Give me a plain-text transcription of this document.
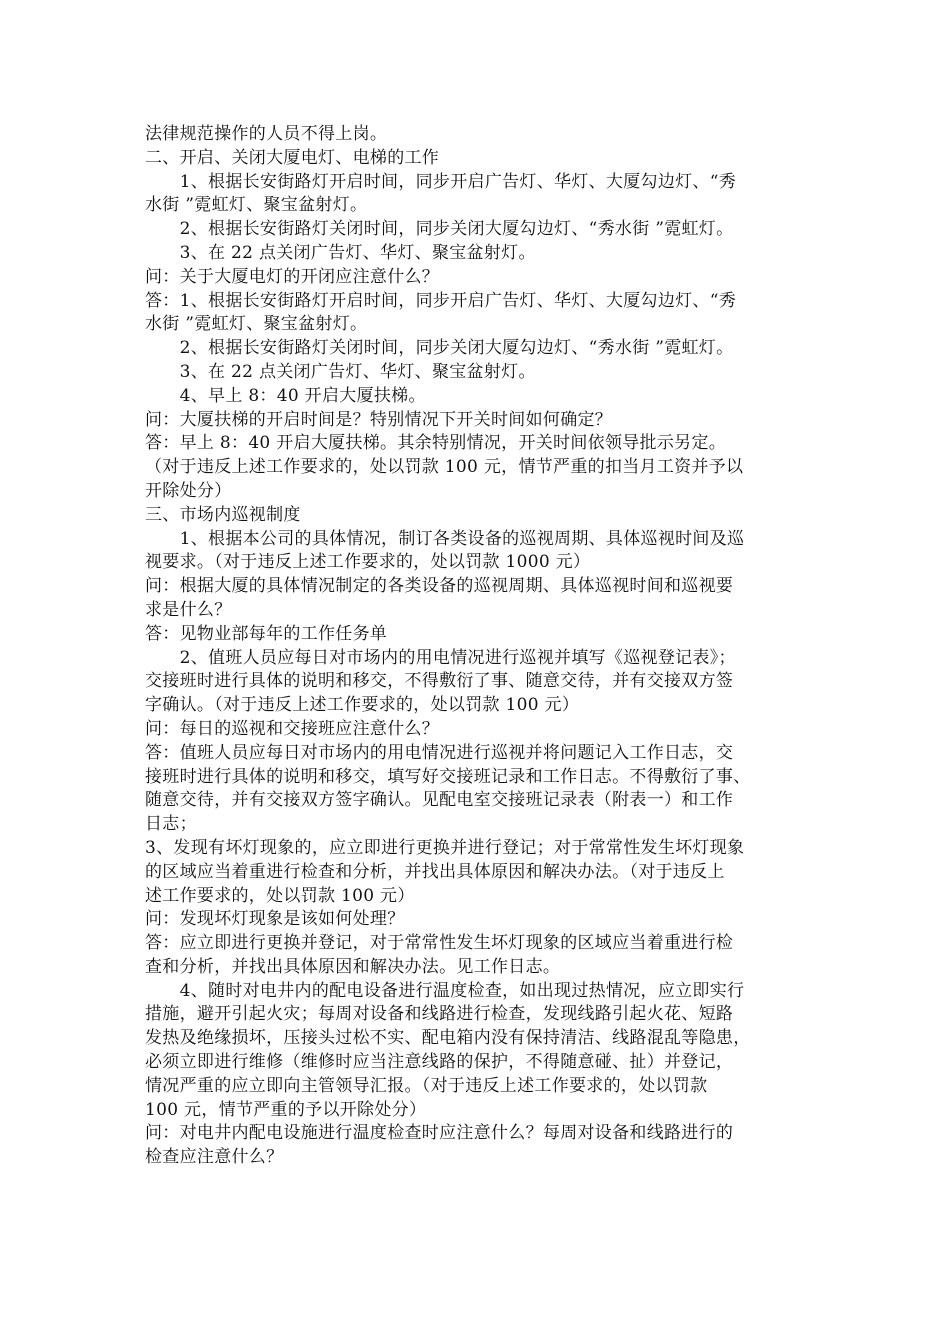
法律规范操作的人员不得上岗。
二、开启、关闭大厦电灯、电梯的工作
　　1、根据长安街路灯开启时间，同步开启广告灯、华灯、大厦勾边灯、“秀
水街 ”霓虹灯、聚宝盆射灯。
　　2、根据长安街路灯关闭时间，同步关闭大厦勾边灯、“秀水街 ”霓虹灯。
　　3、在 22 点关闭广告灯、华灯、聚宝盆射灯。
问：关于大厦电灯的开闭应注意什么？
答：1、根据长安街路灯开启时间，同步开启广告灯、华灯、大厦勾边灯、“秀
水街 ”霓虹灯、聚宝盆射灯。
　　2、根据长安街路灯关闭时间，同步关闭大厦勾边灯、“秀水街 ”霓虹灯。
　　3、在 22 点关闭广告灯、华灯、聚宝盆射灯。
　　4、早上 8：40 开启大厦扶梯。
问：大厦扶梯的开启时间是？特别情况下开关时间如何确定？
答：早上 8：40 开启大厦扶梯。其余特别情况，开关时间依领导批示另定。
（对于违反上述工作要求的，处以罚款 100 元，情节严重的扣当月工资并予以
开除处分）
三、市场内巡视制度
　　1、根据本公司的具体情况，制订各类设备的巡视周期、具体巡视时间及巡
视要求。（对于违反上述工作要求的，处以罚款 1000 元）
问：根据大厦的具体情况制定的各类设备的巡视周期、具体巡视时间和巡视要
求是什么？
答：见物业部每年的工作任务单
　　2、值班人员应每日对市场内的用电情况进行巡视并填写《巡视登记表》；
交接班时进行具体的说明和移交，不得敷衍了事、随意交待，并有交接双方签
字确认。（对于违反上述工作要求的，处以罚款 100 元）
问：每日的巡视和交接班应注意什么？
答：值班人员应每日对市场内的用电情况进行巡视并将问题记入工作日志，交
接班时进行具体的说明和移交，填写好交接班记录和工作日志。不得敷衍了事、
随意交待，并有交接双方签字确认。见配电室交接班记录表（附表一）和工作
日志；
3、发现有坏灯现象的，应立即进行更换并进行登记；对于常常性发生坏灯现象
的区域应当着重进行检查和分析，并找出具体原因和解决办法。（对于违反上
述工作要求的，处以罚款 100 元）
问：发现坏灯现象是该如何处理？
答：应立即进行更换并登记，对于常常性发生坏灯现象的区域应当着重进行检
查和分析，并找出具体原因和解决办法。见工作日志。
　　4、随时对电井内的配电设备进行温度检查，如出现过热情况，应立即实行
措施，避开引起火灾；每周对设备和线路进行检查，发现线路引起火花、短路
发热及绝缘损坏，压接头过松不实、配电箱内没有保持清洁、线路混乱等隐患，
必须立即进行维修（维修时应当注意线路的保护，不得随意碰、扯）并登记，
情况严重的应立即向主管领导汇报。（对于违反上述工作要求的，处以罚款
100 元，情节严重的予以开除处分）
问：对电井内配电设施进行温度检查时应注意什么？每周对设备和线路进行的
检查应注意什么？
